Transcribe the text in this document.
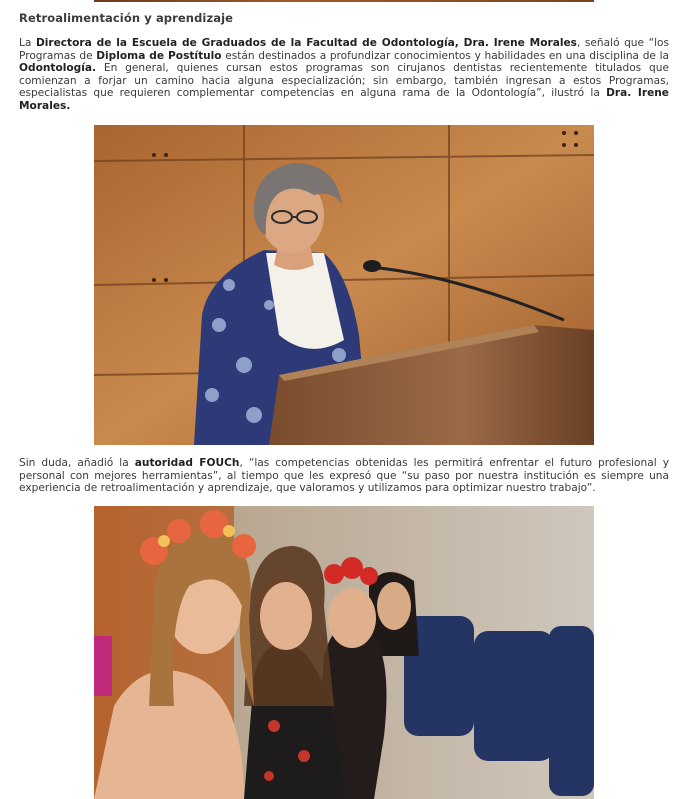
Retroalimentación y aprendizaje

La Directora de la Escuela de Graduados de la Facultad de Odontología, Dra. Irene Morales, señaló que “los Programas de Diploma de Postítulo están destinados a profundizar conocimientos y habilidades en una disciplina de la Odontología. En general, quienes cursan estos programas son cirujanos dentistas recientemente titulados que comienzan a forjar un camino hacia alguna especialización; sin embargo, también ingresan a estos Programas, especialistas que requieren complementar competencias en alguna rama de la Odontología”, ilustró la Dra. Irene Morales.

Sin duda, añadió la autoridad FOUCh, “las competencias obtenidas les permitirá enfrentar el futuro profesional y personal con mejores herramientas”, al tiempo que les expresó que “su paso por nuestra institución es siempre una experiencia de retroalimentación y aprendizaje, que valoramos y utilizamos para optimizar nuestro trabajo”.
